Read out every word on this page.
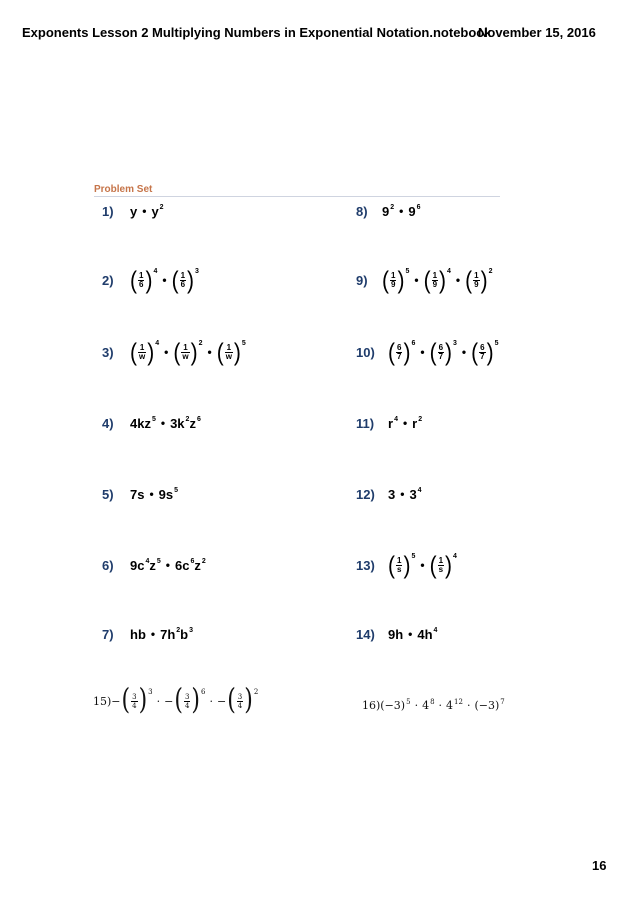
Exponents Lesson 2 Multiplying Numbers in Exponential Notation.notebook
November 15, 2016
Problem Set
1)	y • $y^2$
2) ( $\frac{1}{6}$ ) 4
• ( $\frac{1}{6}$ ) 3
3) ( $\frac{1}{w}$ ) 4
• ( $\frac{1}{w}$ ) 2
• ( $\frac{1}{w}$ ) 5
4)	$4kz^5$ • $3k^2z^6$
5)	7s • $9s^5$
6)	$9c^4z^5$ • $6c^6z^2$
7)	hb • $7h^2b^3$
8)	$9^2$ • $9^6$
9) ( $\frac{1}{9}$ ) 5
• ( $\frac{1}{9}$ ) 4
• ( $\frac{1}{9}$ ) 2
10) ( $\frac{6}{7}$ ) 6
• ( $\frac{6}{7}$ ) 3
• ( $\frac{6}{7}$ ) 5
11)	$r^4$ • $r^2$
12)	3 • $3^4$
13) ( $\frac{1}{s}$ ) 5
• ( $\frac{1}{s}$ ) 4
14)	9h • $4h^4$
15) − ( $\frac{3}{4}$ ) 3
· − ( $\frac{3}{4}$ ) 6
· − ( $\frac{3}{4}$ ) 2
16) $(-3)^5 \cdot 4^8 \cdot 4^{12} \cdot (-3)^7$
16
